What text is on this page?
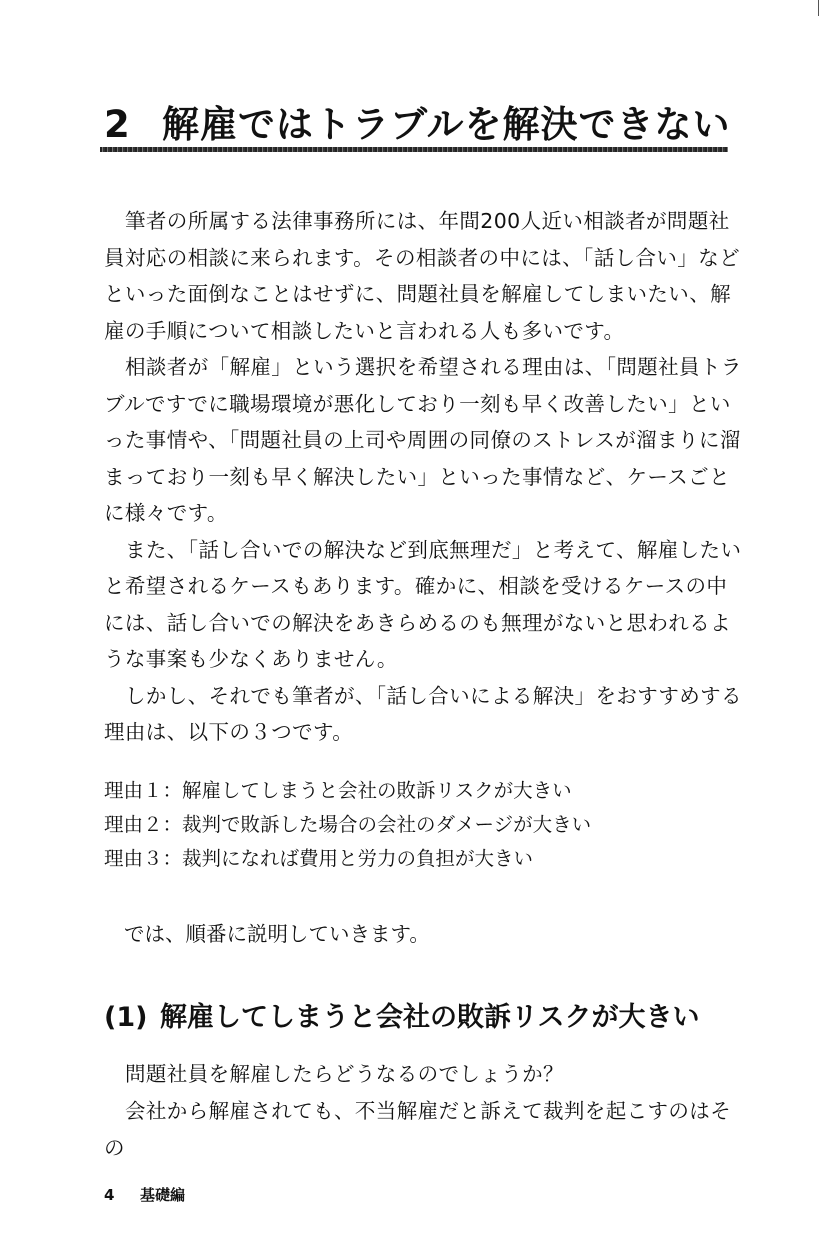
2 解雇ではトラブルを解決できない

筆者の所属する法律事務所には、年間200人近い相談者が問題社員対応の相談に来られます。その相談者の中には、「話し合い」などといった面倒なことはせずに、問題社員を解雇してしまいたい、解雇の手順について相談したいと言われる人も多いです。

相談者が「解雇」という選択を希望される理由は、「問題社員トラブルですでに職場環境が悪化しており一刻も早く改善したい」といった事情や、「問題社員の上司や周囲の同僚のストレスが溜まりに溜まっており一刻も早く解決したい」といった事情など、ケースごとに様々です。

また、「話し合いでの解決など到底無理だ」と考えて、解雇したいと希望されるケースもあります。確かに、相談を受けるケースの中には、話し合いでの解決をあきらめるのも無理がないと思われるような事案も少なくありません。

しかし、それでも筆者が、「話し合いによる解決」をおすすめする理由は、以下の３つです。

理由１：解雇してしまうと会社の敗訴リスクが大きい
理由２：裁判で敗訴した場合の会社のダメージが大きい
理由３：裁判になれば費用と労力の負担が大きい
では、順番に説明していきます。
(1) 解雇してしまうと会社の敗訴リスクが大きい

問題社員を解雇したらどうなるのでしょうか？

会社から解雇されても、不当解雇だと訴えて裁判を起こすのはその

4 基礎編
